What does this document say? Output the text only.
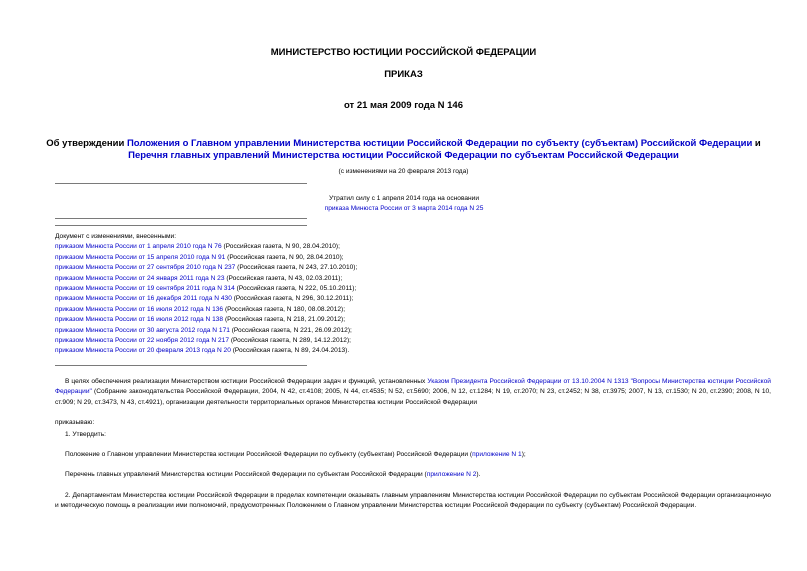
МИНИСТЕРСТВО ЮСТИЦИИ РОССИЙСКОЙ ФЕДЕРАЦИИ
ПРИКАЗ
от 21 мая 2009 года N 146
Об утверждении Положения о Главном управлении Министерства юстиции Российской Федерации по субъекту (субъектам) Российской Федерации и Перечня главных управлений Министерства юстиции Российской Федерации по субъектам Российской Федерации
(с изменениями на 20 февраля 2013 года)
Утратил силу с 1 апреля 2014 года на основании
приказа Минюста России от 3 марта 2014 года N 25
Документ с изменениями, внесенными:
приказом Минюста России от 1 апреля 2010 года N 76 (Российская газета, N 90, 28.04.2010);
приказом Минюста России от 15 апреля 2010 года N 91 (Российская газета, N 90, 28.04.2010);
приказом Минюста России от 27 сентября 2010 года N 237 (Российская газета, N 243, 27.10.2010);
приказом Минюста России от 24 января 2011 года N 23 (Российская газета, N 43, 02.03.2011);
приказом Минюста России от 19 сентября 2011 года N 314 (Российская газета, N 222, 05.10.2011);
приказом Минюста России от 16 декабря 2011 года N 430 (Российская газета, N 296, 30.12.2011);
приказом Минюста России от 16 июля 2012 года N 136 (Российская газета, N 180, 08.08.2012);
приказом Минюста России от 16 июля 2012 года N 138 (Российская газета, N 218, 21.09.2012);
приказом Минюста России от 30 августа 2012 года N 171 (Российская газета, N 221, 26.09.2012);
приказом Минюста России от 22 ноября 2012 года N 217 (Российская газета, N 289, 14.12.2012);
приказом Минюста России от 20 февраля 2013 года N 20 (Российская газета, N 89, 24.04.2013).
В целях обеспечения реализации Министерством юстиции Российской Федерации задач и функций, установленных Указом Президента Российской Федерации от 13.10.2004 N 1313 "Вопросы Министерства юстиции Российской Федерации" (Собрание законодательства Российской Федерации, 2004, N 42, ст.4108; 2005, N 44, ст.4535; N 52, ст.5690; 2006, N 12, ст.1284; N 19, ст.2070; N 23, ст.2452; N 38, ст.3975; 2007, N 13, ст.1530; N 20, ст.2390; 2008, N 10, ст.909; N 29, ст.3473, N 43, ст.4921), организации деятельности территориальных органов Министерства юстиции Российской Федерации
приказываю:
1. Утвердить:
Положение о Главном управлении Министерства юстиции Российской Федерации по субъекту (субъектам) Российской Федерации (приложение N 1);
Перечень главных управлений Министерства юстиции Российской Федерации по субъектам Российской Федерации (приложение N 2).
2. Департаментам Министерства юстиции Российской Федерации в пределах компетенции оказывать главным управлениям Министерства юстиции Российской Федерации по субъектам Российской Федерации организационную и методическую помощь в реализации ими полномочий, предусмотренных Положением о Главном управлении Министерства юстиции Российской Федерации по субъекту (субъектам) Российской Федерации.
